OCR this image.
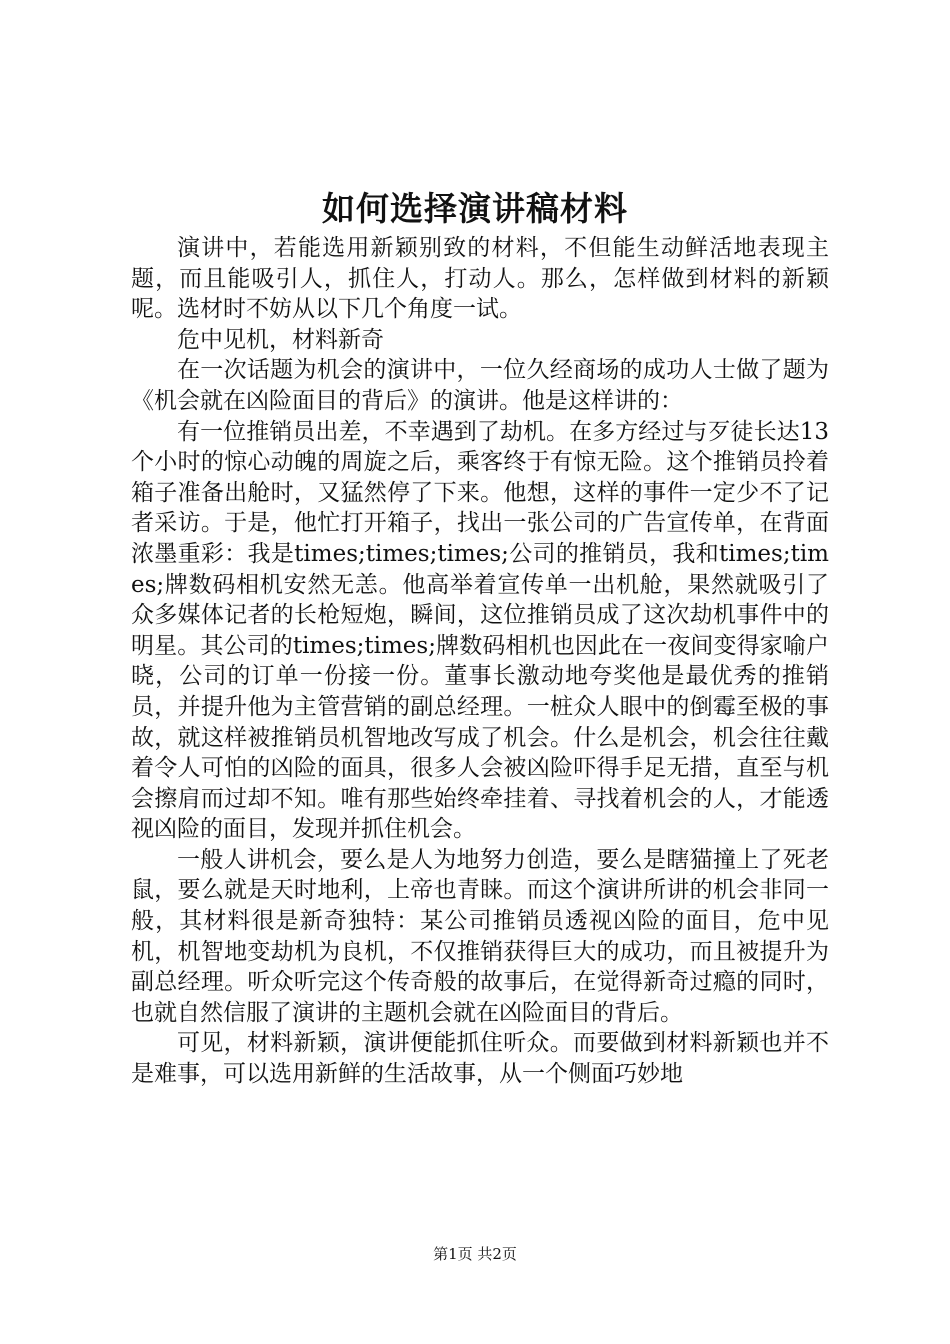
如何选择演讲稿材料

演讲中，若能选用新颖别致的材料，不但能生动鲜活地表现主题，而且能吸引人，抓住人，打动人。那么，怎样做到材料的新颖呢。选材时不妨从以下几个角度一试。

危中见机，材料新奇

在一次话题为机会的演讲中，一位久经商场的成功人士做了题为《机会就在凶险面目的背后》的演讲。他是这样讲的：

有一位推销员出差，不幸遇到了劫机。在多方经过与歹徒长达13个小时的惊心动魄的周旋之后，乘客终于有惊无险。这个推销员拎着箱子准备出舱时，又猛然停了下来。他想，这样的事件一定少不了记者采访。于是，他忙打开箱子，找出一张公司的广告宣传单，在背面浓墨重彩：我是times;times;times;公司的推销员，我和times;times;牌数码相机安然无恙。他高举着宣传单一出机舱，果然就吸引了众多媒体记者的长枪短炮，瞬间，这位推销员成了这次劫机事件中的明星。其公司的times;times;牌数码相机也因此在一夜间变得家喻户晓，公司的订单一份接一份。董事长激动地夸奖他是最优秀的推销员，并提升他为主管营销的副总经理。一桩众人眼中的倒霉至极的事故，就这样被推销员机智地改写成了机会。什么是机会，机会往往戴着令人可怕的凶险的面具，很多人会被凶险吓得手足无措，直至与机会擦肩而过却不知。唯有那些始终牵挂着、寻找着机会的人，才能透视凶险的面目，发现并抓住机会。

一般人讲机会，要么是人为地努力创造，要么是瞎猫撞上了死老鼠，要么就是天时地利，上帝也青睐。而这个演讲所讲的机会非同一般，其材料很是新奇独特：某公司推销员透视凶险的面目，危中见机，机智地变劫机为良机，不仅推销获得巨大的成功，而且被提升为副总经理。听众听完这个传奇般的故事后，在觉得新奇过瘾的同时，也就自然信服了演讲的主题机会就在凶险面目的背后。

可见，材料新颖，演讲便能抓住听众。而要做到材料新颖也并不是难事，可以选用新鲜的生活故事，从一个侧面巧妙地

第1页 共2页
